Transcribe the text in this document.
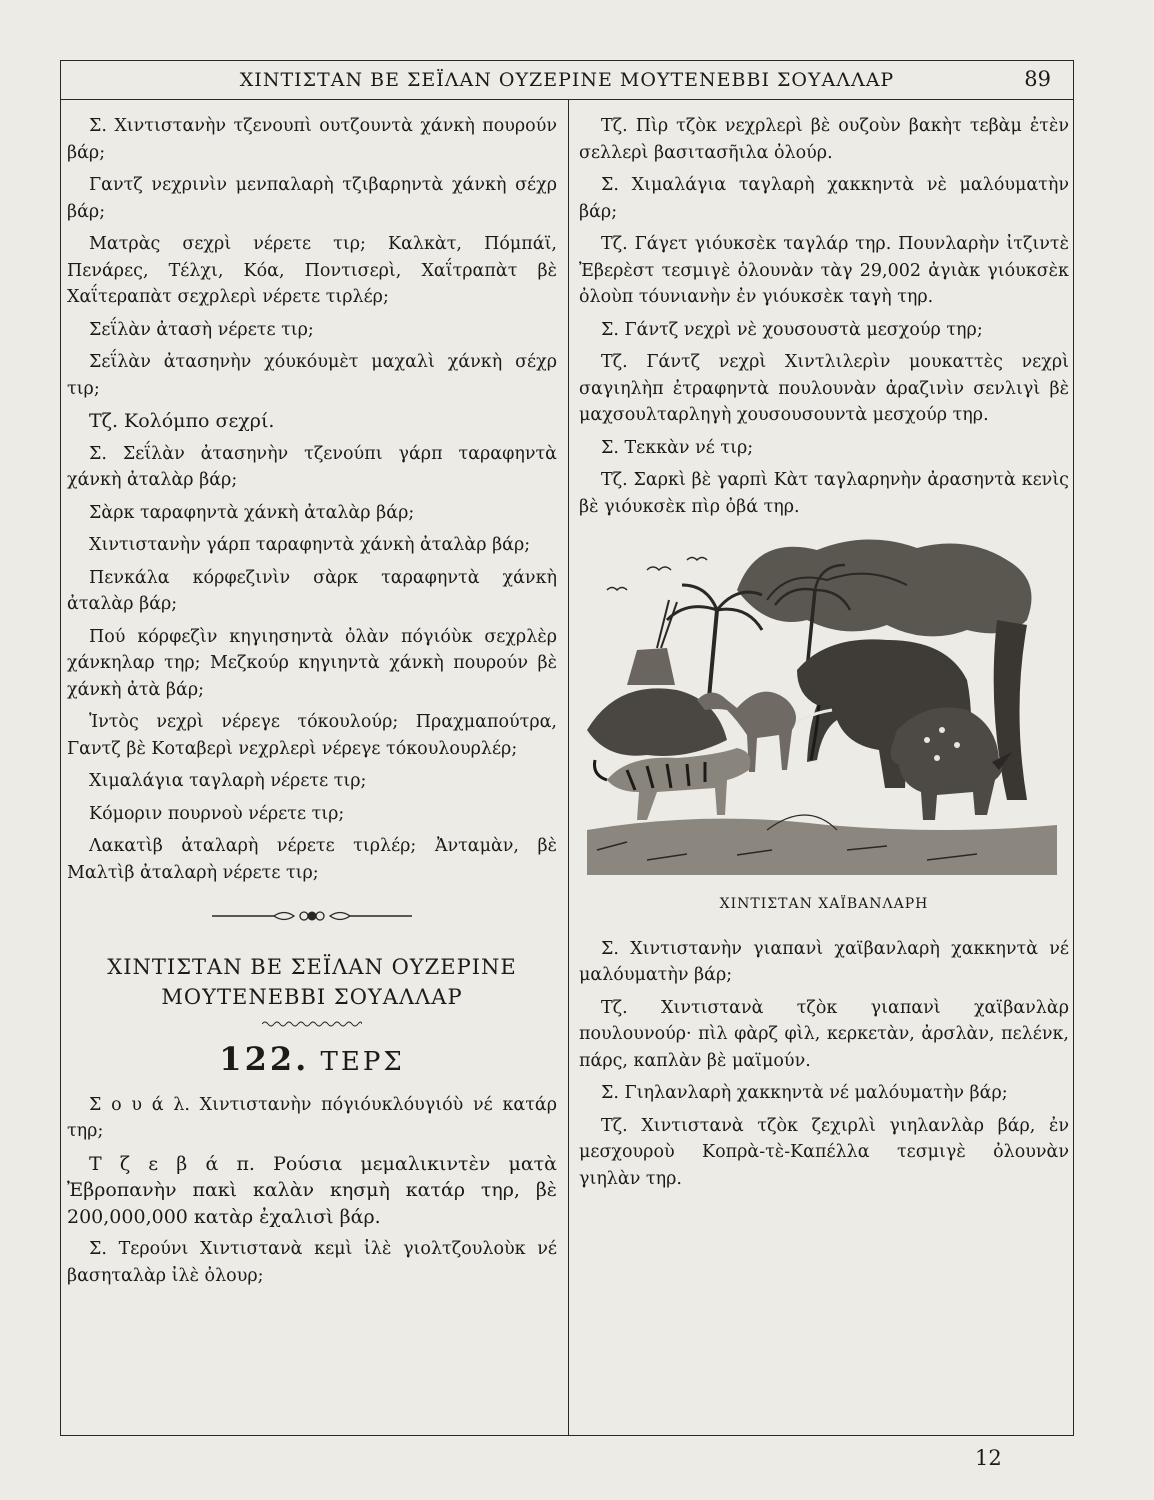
ΧΙΝΤΙΣΤΑΝ ΒΕ ΣΕΪΛΑΝ ΟΥΖΕΡΙΝΕ ΜΟΥΤΕΝΕΒΒΙ ΣΟΥΑΛΛΑΡ	89

Σ. Χιντιστανὴν τζενουπὶ ουτζουντὰ χάνκὴ πουρούν βάρ;

Γαντζ νεχρινὶν μενπαλαρὴ τζιβαρηντὰ χάνκὴ σέχρ βάρ;

Ματρὰς σεχρὶ νέρετε τιρ; Καλκὰτ, Πόμπάϊ, Πενάρες, Τέλχι, Κόα, Ποντισερὶ, Χαΐτραπὰτ βὲ Χαΐτεραπὰτ σεχρλερὶ νέρετε τιρλέρ;

Σεΐλὰν ἀτασὴ νέρετε τιρ;

Σεΐλὰν ἀτασηνὴν χόυκόυμὲτ μαχαλὶ χάνκὴ σέχρ τιρ;

Τζ. Κολόμπο σεχρί.

Σ. Σεΐλὰν ἀτασηνὴν τζενούπι γάρπ ταραφηντὰ χάνκὴ ἀταλὰρ βάρ;

Σὰρκ ταραφηντὰ χάνκὴ ἀταλὰρ βάρ;

Χιντιστανὴν γάρπ ταραφηντὰ χάνκὴ ἀταλὰρ βάρ;

Πενκάλα κόρφεζινὶν σὰρκ ταραφηντὰ χάνκὴ ἀταλὰρ βάρ;

Πού κόρφεζὶν κηγιησηντὰ ὀλὰν πόγιόὺκ σεχρλὲρ χάνκηλαρ τηρ; Μεζκούρ κηγιηντὰ χάνκὴ πουρούν βὲ χάνκὴ ἀτὰ βάρ;

Ἰντὸς νεχρὶ νέρεγε τόκουλούρ; Πραχμαπούτρα, Γαντζ βὲ Κοταβερὶ νεχρλερὶ νέρεγε τόκουλουρλέρ;

Χιμαλάγια ταγλαρὴ νέρετε τιρ;

Κόμοριν πουρνοὺ νέρετε τιρ;

Λακατὶβ ἀταλαρὴ νέρετε τιρλέρ; Ἀνταμὰν, βὲ Μαλτὶβ ἀταλαρὴ νέρετε τιρ;

ΧΙΝΤΙΣΤΑΝ ΒΕ ΣΕΪΛΑΝ ΟΥΖΕΡΙΝΕ
ΜΟΥΤΕΝΕΒΒΙ ΣΟΥΑΛΛΑΡ
122. ΤΕΡΣ

Σ ο υ ά λ. Χιντιστανὴν πόγιόυκλόυγιόὺ νέ κατάρ τηρ;

Τ ζ ε β ά π. Ρούσια μεμαλικιντὲν ματὰ Ἐβροπανὴν πακὶ καλὰν κησμὴ κατάρ τηρ, βὲ 200,000,000 κατὰρ ἐχαλισὶ βάρ.

Σ. Τερούνι Χιντιστανὰ κεμὶ ἰλὲ γιολτζουλοὺκ νέ βασηταλὰρ ἰλὲ ὀλουρ;

Τζ. Πὶρ τζὸκ νεχρλερὶ βὲ ουζοὺν βακὴτ τεβὰμ ἐτὲν σελλερὶ βασιτασῆιλα ὀλούρ.

Σ. Χιμαλάγια ταγλαρὴ χακκηντὰ νὲ μαλόυματὴν βάρ;

Τζ. Γάγετ γιόυκσὲκ ταγλάρ τηρ. Πουνλαρὴν ἰτζιντὲ Ἐβερὲστ τεσμιγὲ ὀλουνὰν τὰγ 29,002 ἀγιὰκ γιόυκσὲκ ὀλοὺπ τόυνιανὴν ἐν γιόυκσὲκ ταγὴ τηρ.

Σ. Γάντζ νεχρὶ νὲ χουσουστὰ μεσχούρ τηρ;

Τζ. Γάντζ νεχρὶ Χιντλιλερὶν μουκαττὲς νεχρὶ σαγιηλὴπ ἐτραφηντὰ πουλουνὰν ἀραζινὶν σενλιγὶ βὲ μαχσουλταρληγὴ χουσουσουντὰ μεσχούρ τηρ.

Σ. Τεκκὰν νέ τιρ;

Τζ. Σαρκὶ βὲ γαρπὶ Κὰτ ταγλαρηνὴν ἀρασηντὰ κενὶς βὲ γιόυκσὲκ πὶρ ὀβά τηρ.

ΧΙΝΤΙΣΤΑΝ ΧΑΪΒΑΝΛΑΡΗ

Σ. Χιντιστανὴν γιαπανὶ χαϊβανλαρὴ χακκηντὰ νέ μαλόυματὴν βάρ;

Τζ. Χιντιστανὰ τζὸκ γιαπανὶ χαϊβανλὰρ πουλουνούρ· πὶλ φὰρζ φὶλ, κερκετὰν, ἀρσλὰν, πελένκ, πάρς, καπλὰν βὲ μαϊμούν.

Σ. Γιηλανλαρὴ χακκηντὰ νέ μαλόυματὴν βάρ;

Τζ. Χιντιστανὰ τζὸκ ζεχιρλὶ γιηλανλὰρ βάρ, ἐν μεσχουροὺ Κοπρὰ-τὲ-Καπέλλα τεσμιγὲ ὀλουνὰν γιηλὰν τηρ.

12
